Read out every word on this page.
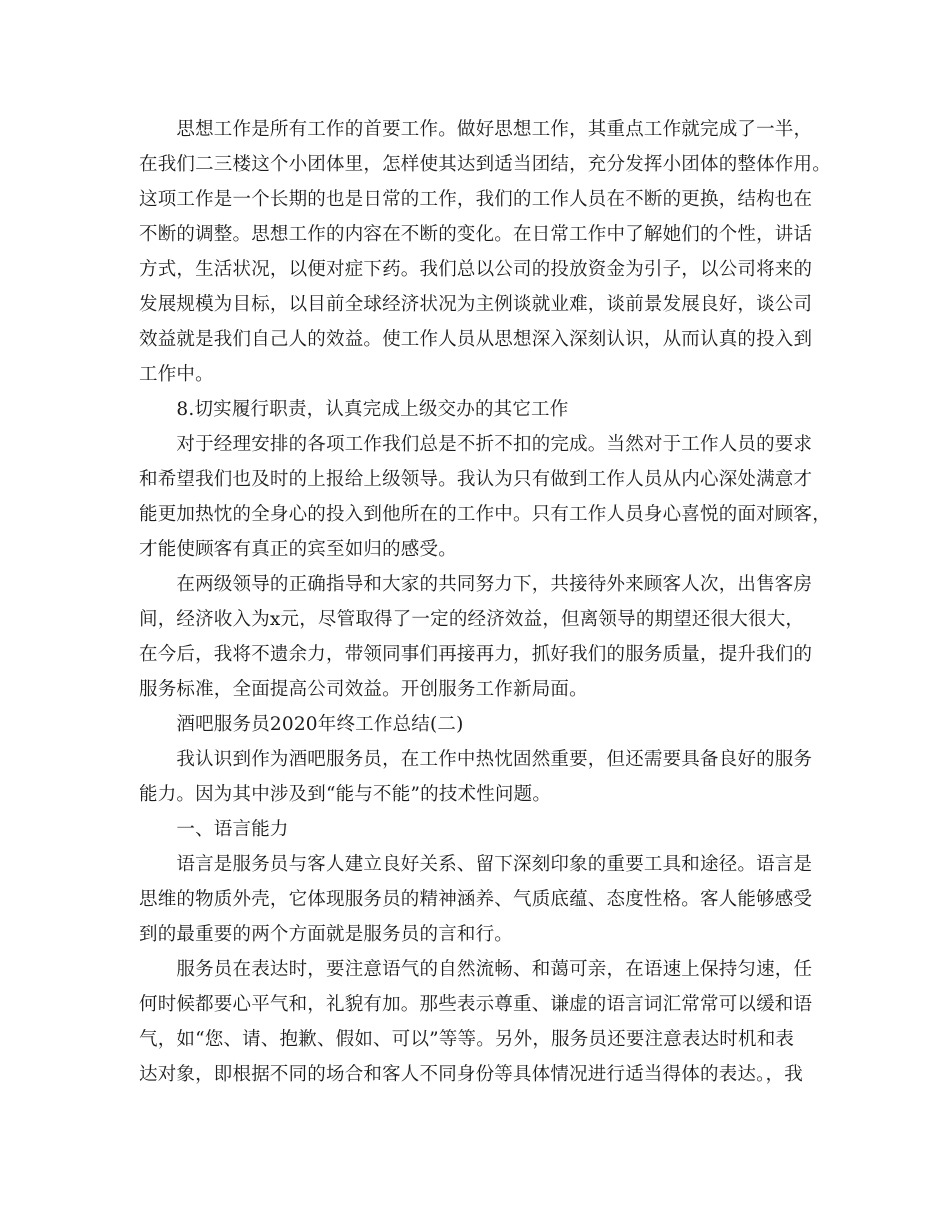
　　思想工作是所有工作的首要工作。做好思想工作，其重点工作就完成了一半，
在我们二三楼这个小团体里，怎样使其达到适当团结，充分发挥小团体的整体作用。
这项工作是一个长期的也是日常的工作，我们的工作人员在不断的更换，结构也在
不断的调整。思想工作的内容在不断的变化。在日常工作中了解她们的个性，讲话
方式，生活状况，以便对症下药。我们总以公司的投放资金为引子，以公司将来的
发展规模为目标，以目前全球经济状况为主例谈就业难，谈前景发展良好，谈公司
效益就是我们自己人的效益。使工作人员从思想深入深刻认识，从而认真的投入到
工作中。
　　8.切实履行职责，认真完成上级交办的其它工作
　　对于经理安排的各项工作我们总是不折不扣的完成。当然对于工作人员的要求
和希望我们也及时的上报给上级领导。我认为只有做到工作人员从内心深处满意才
能更加热忱的全身心的投入到他所在的工作中。只有工作人员身心喜悦的面对顾客，
才能使顾客有真正的宾至如归的感受。
　　在两级领导的正确指导和大家的共同努力下，共接待外来顾客人次，出售客房
间，经济收入为x元，尽管取得了一定的经济效益，但离领导的期望还很大很大，
在今后，我将不遗余力，带领同事们再接再力，抓好我们的服务质量，提升我们的
服务标准，全面提高公司效益。开创服务工作新局面。
　　酒吧服务员2020年终工作总结(二)
　　我认识到作为酒吧服务员，在工作中热忱固然重要，但还需要具备良好的服务
能力。因为其中涉及到“能与不能”的技术性问题。
　　一、语言能力
　　语言是服务员与客人建立良好关系、留下深刻印象的重要工具和途径。语言是
思维的物质外壳，它体现服务员的精神涵养、气质底蕴、态度性格。客人能够感受
到的最重要的两个方面就是服务员的言和行。
　　服务员在表达时，要注意语气的自然流畅、和蔼可亲，在语速上保持匀速，任
何时候都要心平气和，礼貌有加。那些表示尊重、谦虚的语言词汇常常可以缓和语
气，如“您、请、抱歉、假如、可以”等等。另外，服务员还要注意表达时机和表
达对象，即根据不同的场合和客人不同身份等具体情况进行适当得体的表达。，我
